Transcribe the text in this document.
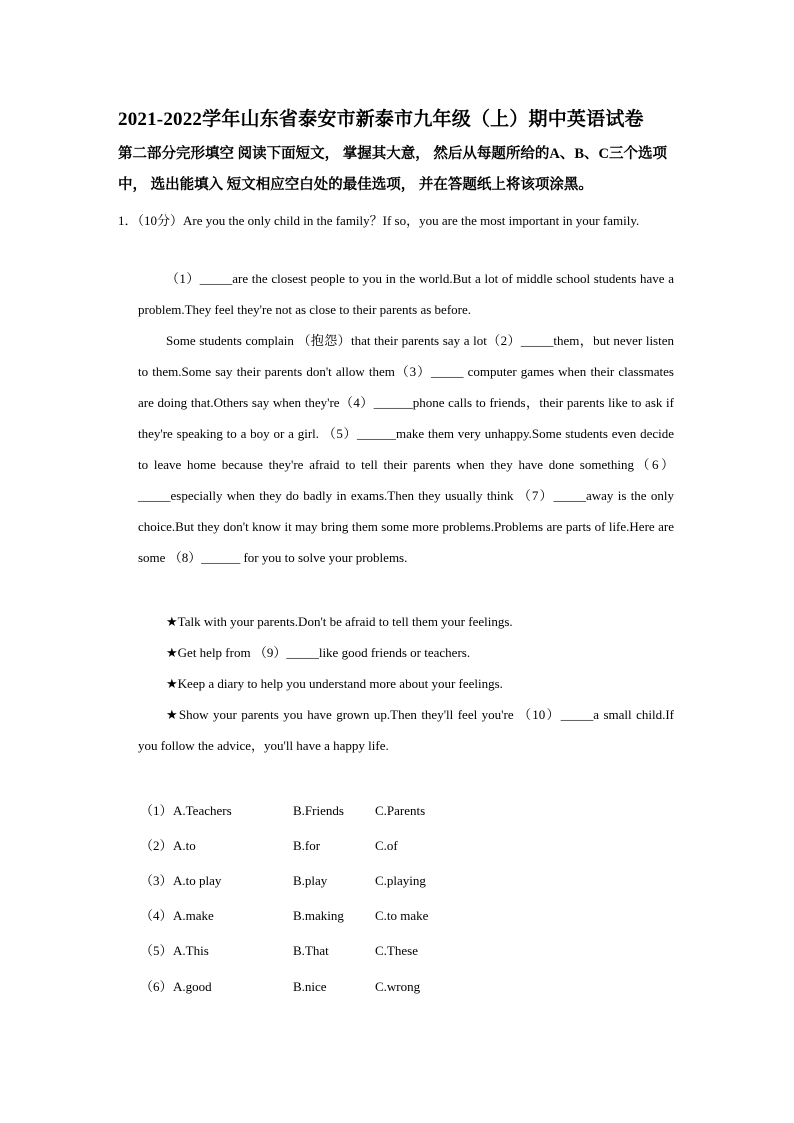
2021-2022学年山东省泰安市新泰市九年级（上）期中英语试卷
第二部分完形填空 阅读下面短文， 掌握其大意， 然后从每题所给的A、B、C三个选项
中， 选出能填入 短文相应空白处的最佳选项， 并在答题纸上将该项涂黑。
1．（10分）Are you the only child in the family？If so，you are the most important in your family.

（1）_____are the closest people to you in the world.But a lot of middle school students have a problem.They feel they're not as close to their parents as before.

Some students complain （抱怨）that their parents say a lot（2）_____them，but never listen to them.Some say their parents don't allow them（3）_____ computer games when their classmates are doing that.Others say when they're（4）______phone calls to friends，their parents like to ask if they're speaking to a boy or a girl. （5）______make them very unhappy.Some students even decide to leave home because they're afraid to tell their parents when they have done something（6）_____especially when they do badly in exams.Then they usually think （7）_____away is the only choice.But they don't know it may bring them some more problems.Problems are parts of life.Here are some （8）______ for you to solve your problems.

★Talk with your parents.Don't be afraid to tell them your feelings.
★Get help from （9）_____like good friends or teachers.
★Keep a diary to help you understand more about your feelings.

★Show your parents you have grown up.Then they'll feel you're （10）_____a small child.If you follow the advice，you'll have a happy life.

（1） A.Teachers	B.Friends C.Parents
（2） A.to	B.for	C.of
（3） A.to play	B.play	C.playing
（4） A.make	B.making C.to make
（5） A.This	B.That	C.These
（6） A.good	B.nice	C.wrong
